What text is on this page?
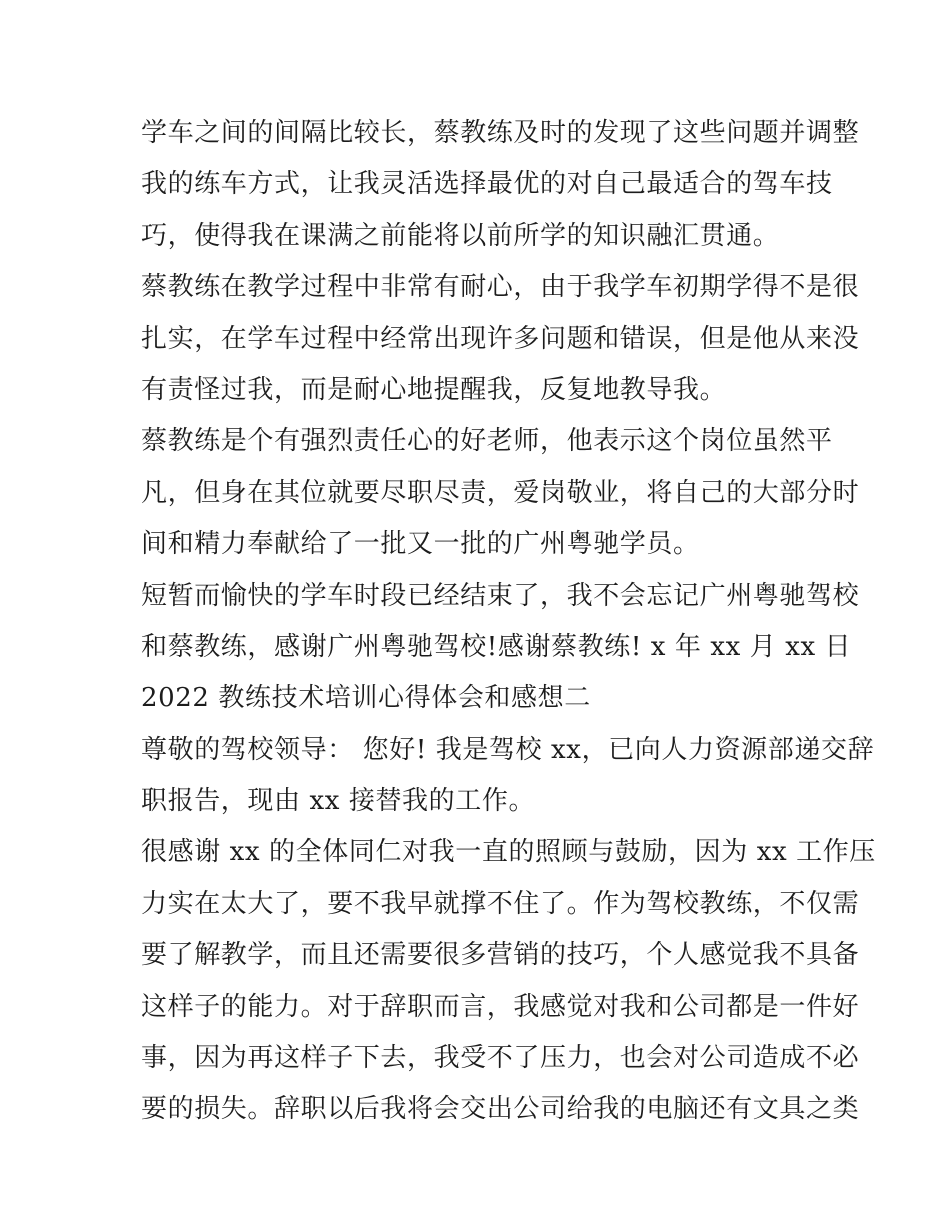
学车之间的间隔比较长，蔡教练及时的发现了这些问题并调整
我的练车方式，让我灵活选择最优的对自己最适合的驾车技
巧，使得我在课满之前能将以前所学的知识融汇贯通。
蔡教练在教学过程中非常有耐心，由于我学车初期学得不是很
扎实，在学车过程中经常出现许多问题和错误，但是他从来没
有责怪过我，而是耐心地提醒我，反复地教导我。
蔡教练是个有强烈责任心的好老师，他表示这个岗位虽然平
凡，但身在其位就要尽职尽责，爱岗敬业，将自己的大部分时
间和精力奉献给了一批又一批的广州粤驰学员。
短暂而愉快的学车时段已经结束了，我不会忘记广州粤驰驾校
和蔡教练，感谢广州粤驰驾校!感谢蔡教练! x 年 xx 月 xx 日
2022 教练技术培训心得体会和感想二
尊敬的驾校领导： 您好! 我是驾校 xx，已向人力资源部递交辞
职报告，现由 xx 接替我的工作。
很感谢 xx 的全体同仁对我一直的照顾与鼓励，因为 xx 工作压
力实在太大了，要不我早就撑不住了。作为驾校教练，不仅需
要了解教学，而且还需要很多营销的技巧，个人感觉我不具备
这样子的能力。对于辞职而言，我感觉对我和公司都是一件好
事，因为再这样子下去，我受不了压力，也会对公司造成不必
要的损失。辞职以后我将会交出公司给我的电脑还有文具之类
